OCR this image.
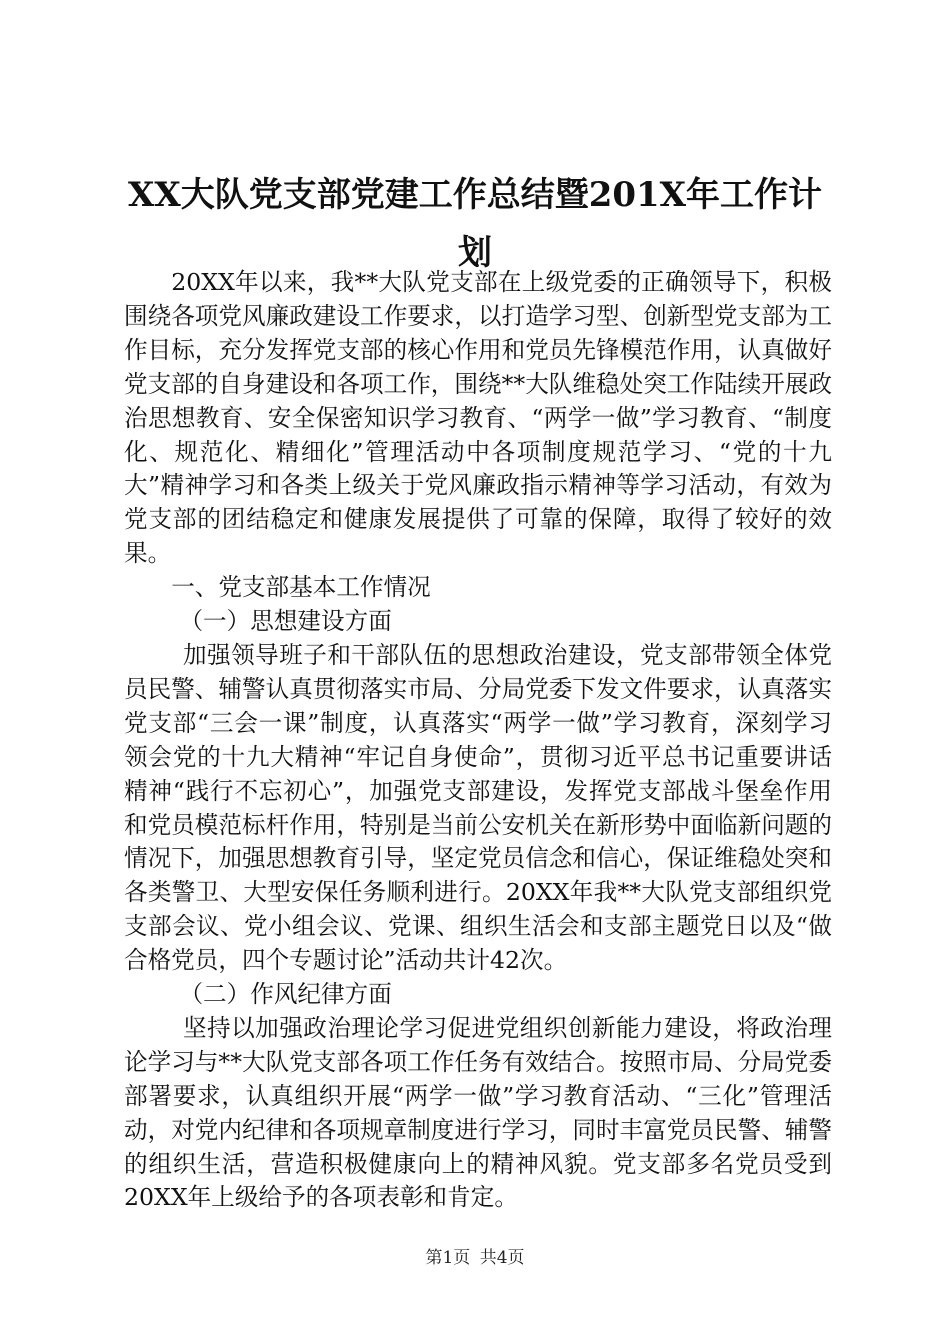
XX大队党支部党建工作总结暨201X年工作计划

20XX年以来，我**大队党支部在上级党委的正确领导下，积极围绕各项党风廉政建设工作要求，以打造学习型、创新型党支部为工作目标，充分发挥党支部的核心作用和党员先锋模范作用，认真做好党支部的自身建设和各项工作，围绕**大队维稳处突工作陆续开展政治思想教育、安全保密知识学习教育、“两学一做”学习教育、“制度化、规范化、精细化”管理活动中各项制度规范学习、“党的十九大”精神学习和各类上级关于党风廉政指示精神等学习活动，有效为党支部的团结稳定和健康发展提供了可靠的保障，取得了较好的效果。

一、党支部基本工作情况

（一）思想建设方面

加强领导班子和干部队伍的思想政治建设，党支部带领全体党员民警、辅警认真贯彻落实市局、分局党委下发文件要求，认真落实党支部“三会一课”制度，认真落实“两学一做”学习教育，深刻学习领会党的十九大精神“牢记自身使命”，贯彻习近平总书记重要讲话精神“践行不忘初心”，加强党支部建设，发挥党支部战斗堡垒作用和党员模范标杆作用，特别是当前公安机关在新形势中面临新问题的情况下，加强思想教育引导，坚定党员信念和信心，保证维稳处突和各类警卫、大型安保任务顺利进行。20XX年我**大队党支部组织党支部会议、党小组会议、党课、组织生活会和支部主题党日以及“做合格党员，四个专题讨论”活动共计42次。

（二）作风纪律方面

坚持以加强政治理论学习促进党组织创新能力建设，将政治理论学习与**大队党支部各项工作任务有效结合。按照市局、分局党委部署要求，认真组织开展“两学一做”学习教育活动、“三化”管理活动，对党内纪律和各项规章制度进行学习，同时丰富党员民警、辅警的组织生活，营造积极健康向上的精神风貌。党支部多名党员受到20XX年上级给予的各项表彰和肯定。

第1页 共4页
